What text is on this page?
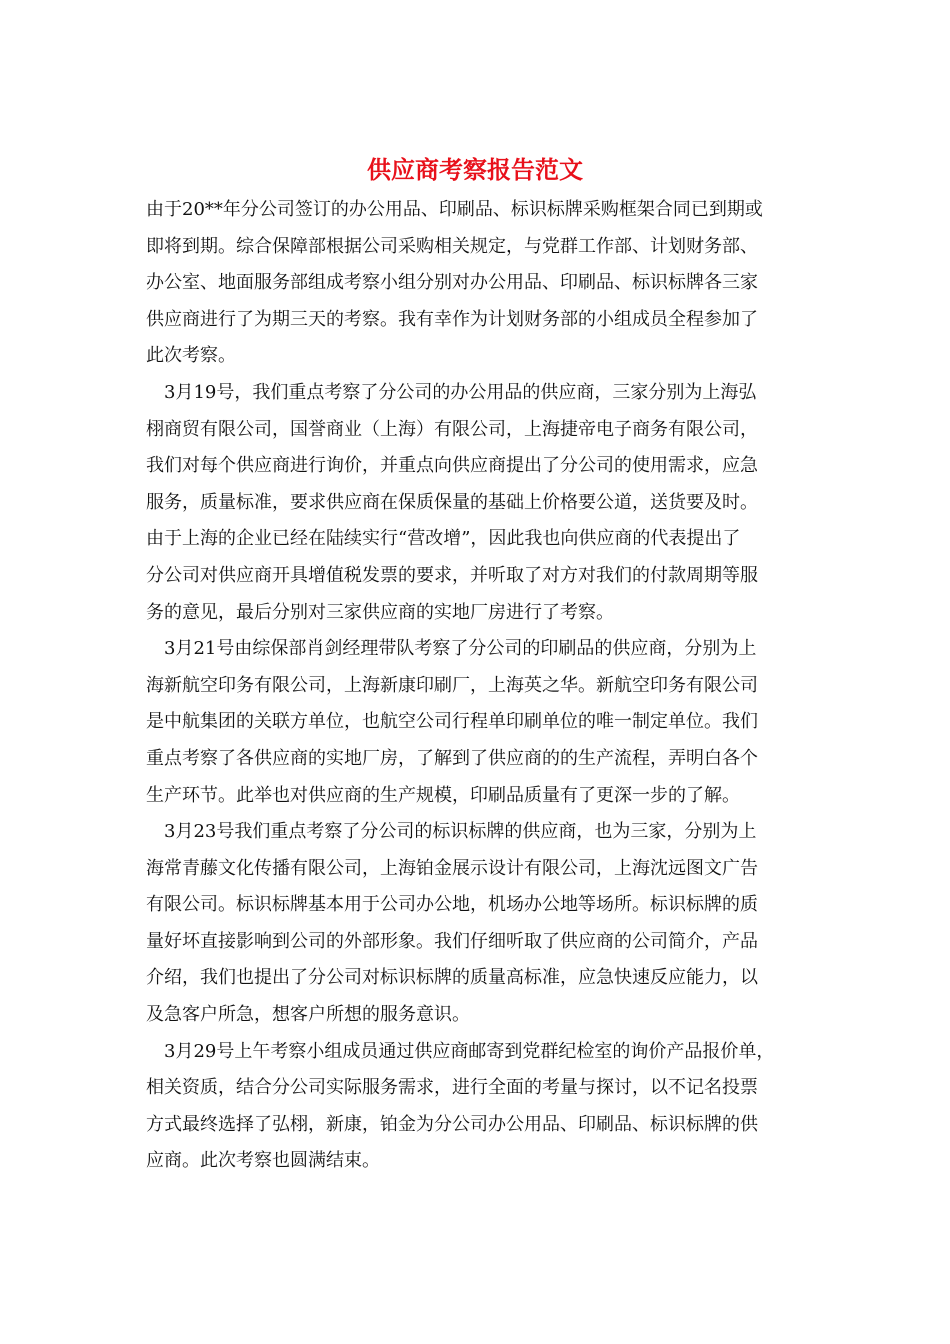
供应商考察报告范文

由于20**年分公司签订的办公用品、印刷品、标识标牌采购框架合同已到期或
即将到期。综合保障部根据公司采购相关规定，与党群工作部、计划财务部、
办公室、地面服务部组成考察小组分别对办公用品、印刷品、标识标牌各三家
供应商进行了为期三天的考察。我有幸作为计划财务部的小组成员全程参加了
此次考察。

　3月19号，我们重点考察了分公司的办公用品的供应商，三家分别为上海弘
栩商贸有限公司，国誉商业（上海）有限公司，上海捷帝电子商务有限公司，
我们对每个供应商进行询价，并重点向供应商提出了分公司的使用需求，应急
服务，质量标准，要求供应商在保质保量的基础上价格要公道，送货要及时。
由于上海的企业已经在陆续实行“营改增”，因此我也向供应商的代表提出了
分公司对供应商开具增值税发票的要求，并听取了对方对我们的付款周期等服
务的意见，最后分别对三家供应商的实地厂房进行了考察。

　3月21号由综保部肖剑经理带队考察了分公司的印刷品的供应商，分别为上
海新航空印务有限公司，上海新康印刷厂，上海英之华。新航空印务有限公司
是中航集团的关联方单位，也航空公司行程单印刷单位的唯一制定单位。我们
重点考察了各供应商的实地厂房，了解到了供应商的的生产流程，弄明白各个
生产环节。此举也对供应商的生产规模，印刷品质量有了更深一步的了解。

　3月23号我们重点考察了分公司的标识标牌的供应商，也为三家，分别为上
海常青藤文化传播有限公司，上海铂金展示设计有限公司，上海沈远图文广告
有限公司。标识标牌基本用于公司办公地，机场办公地等场所。标识标牌的质
量好坏直接影响到公司的外部形象。我们仔细听取了供应商的公司简介，产品
介绍，我们也提出了分公司对标识标牌的质量高标准，应急快速反应能力，以
及急客户所急，想客户所想的服务意识。

　3月29号上午考察小组成员通过供应商邮寄到党群纪检室的询价产品报价单，
相关资质，结合分公司实际服务需求，进行全面的考量与探讨，以不记名投票
方式最终选择了弘栩，新康，铂金为分公司办公用品、印刷品、标识标牌的供
应商。此次考察也圆满结束。
